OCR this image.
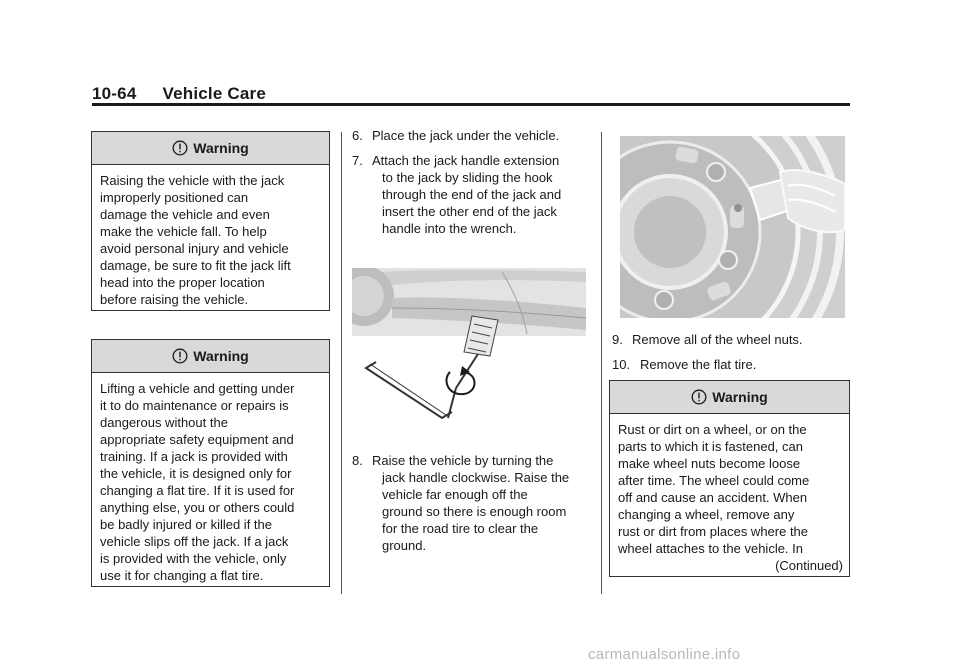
10-64 Vehicle Care
Warning
Raising the vehicle with the jack
improperly positioned can
damage the vehicle and even
make the vehicle fall. To help
avoid personal injury and vehicle
damage, be sure to fit the jack lift
head into the proper location
before raising the vehicle.
Warning
Lifting a vehicle and getting under
it to do maintenance or repairs is
dangerous without the
appropriate safety equipment and
training. If a jack is provided with
the vehicle, it is designed only for
changing a flat tire. If it is used for
anything else, you or others could
be badly injured or killed if the
vehicle slips off the jack. If a jack
is provided with the vehicle, only
use it for changing a flat tire.
6. Place the jack under the vehicle.
7. Attach the jack handle extension
to the jack by sliding the hook
through the end of the jack and
insert the other end of the jack
handle into the wrench.
8. Raise the vehicle by turning the
jack handle clockwise. Raise the
vehicle far enough off the
ground so there is enough room
for the road tire to clear the
ground.
9. Remove all of the wheel nuts.
10. Remove the flat tire.
Warning
Rust or dirt on a wheel, or on the
parts to which it is fastened, can
make wheel nuts become loose
after time. The wheel could come
off and cause an accident. When
changing a wheel, remove any
rust or dirt from places where the
wheel attaches to the vehicle. In
(Continued)
carmanualsonline.info
